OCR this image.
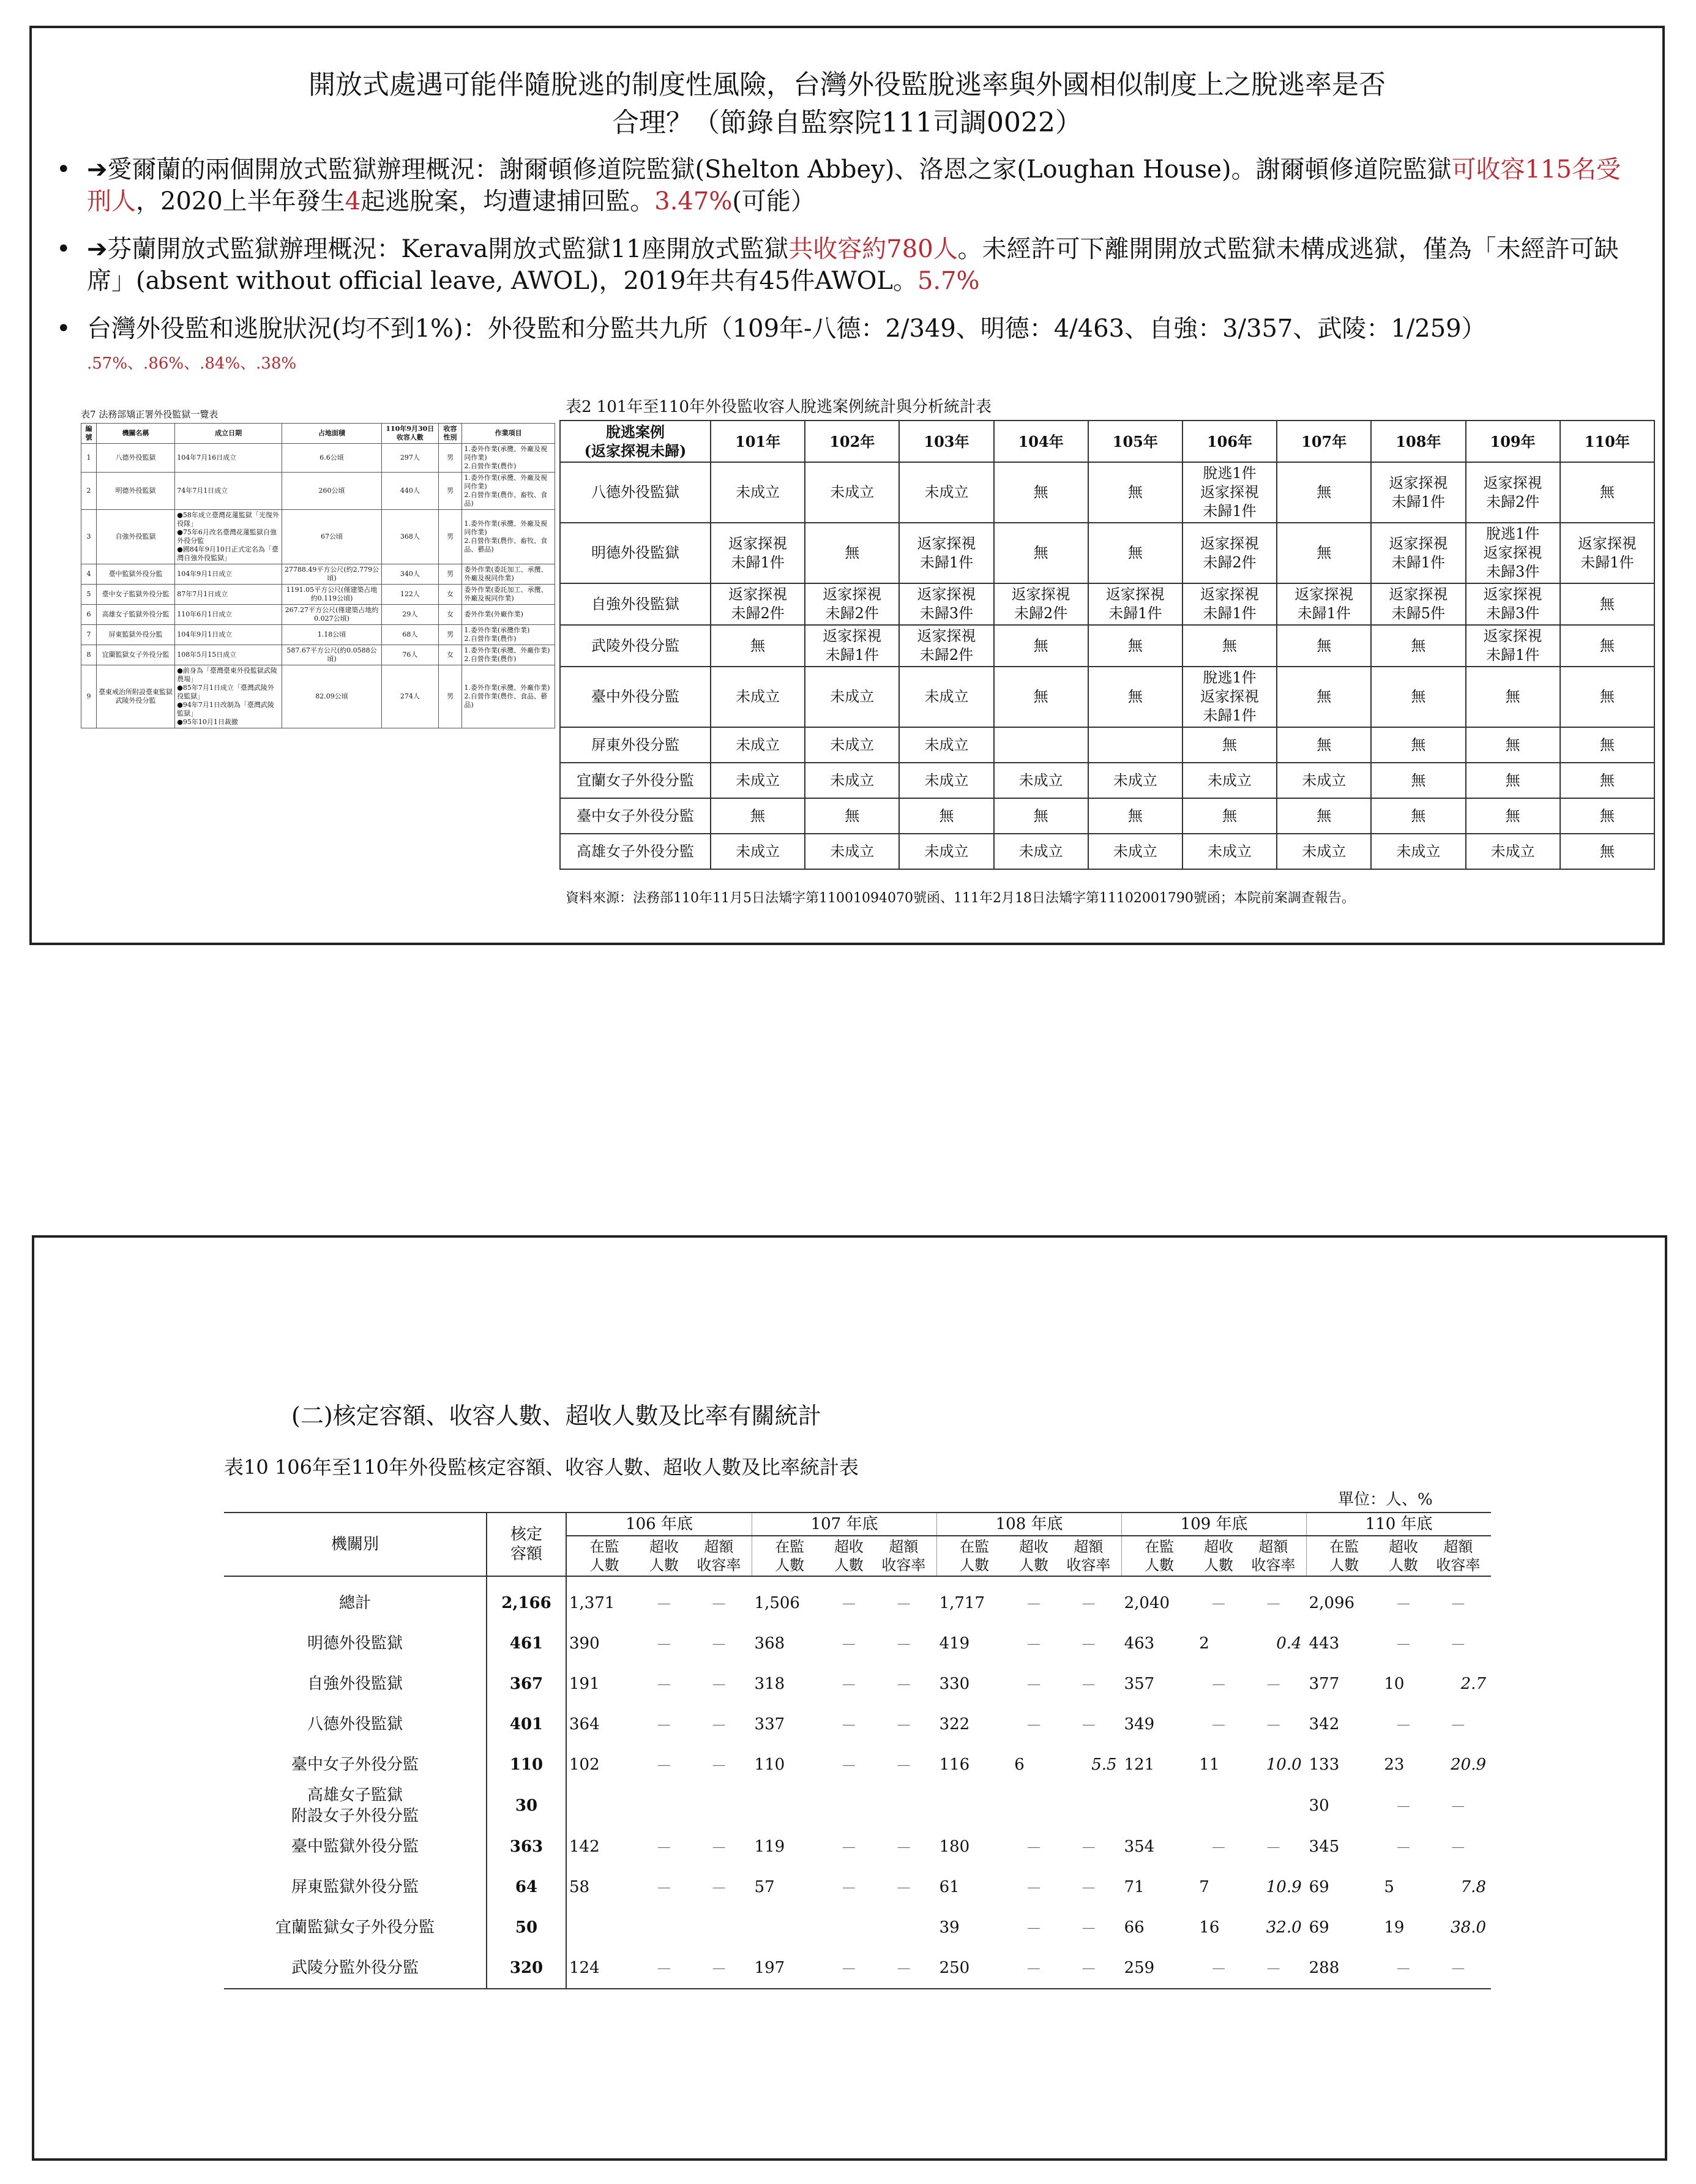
開放式處遇可能伴隨脫逃的制度性風險，台灣外役監脫逃率與外國相似制度上之脫逃率是否
合理？（節錄自監察院111司調0022）
• ➔愛爾蘭的兩個開放式監獄辦理概況：謝爾頓修道院監獄(Shelton Abbey)、洛恩之家(Loughan House)。謝爾頓修道院監獄可收容115名受刑人，2020上半年發生4起逃脫案，均遭逮捕回監。3.47%(可能）
• ➔芬蘭開放式監獄辦理概況：Kerava開放式監獄11座開放式監獄共收容約780人。未經許可下離開開放式監獄未構成逃獄，僅為「未經許可缺席」(absent without official leave, AWOL)，2019年共有45件AWOL。5.7%
• 台灣外役監和逃脫狀況(均不到1%)：外役監和分監共九所（109年-八德：2/349、明德：4/463、自強：3/357、武陵：1/259） .57%、.86%、.84%、.38%
表7 法務部矯正署外役監獄一覽表
編號	機關名稱	成立日期	占地面積	110年9月30日收容人數	收容性別	作業項目
1	八德外役監獄	104年7月16日成立	6.6公頃	297人	男	1.委外作業(承攬、外廠及視同作業)
2.自營作業(農作)
2	明德外役監獄	74年7月1日成立	260公頃	440人	男	1.委外作業(承攬、外廠及視同作業)
2.自營作業(農作、畜牧、食品)
3	自強外役監獄	●58年成立臺灣花蓮監獄「光復外役隊」
●75年6月改名臺灣花蓮監獄自強外役分監
●國84年9月10日正式定名為「臺灣自強外役監獄」	67公頃	368人	男	1.委外作業(承攬、外廠及視同作業)
2.自營作業(農作、畜牧、食品、藝品)
4	臺中監獄外役分監	104年9月1日成立	27788.49平方公尺(約2.779公頃)	340人	男	委外作業(委託加工、承攬、外廠及視同作業)
5	臺中女子監獄外役分監	87年7月1日成立	1191.05平方公尺(僅建築占地約0.119公頃)	122人	女	委外作業(委託加工、承攬、外廠及視同作業)
6	高雄女子監獄外役分監	110年6月1日成立	267.27平方公尺(僅建築占地約0.027公頃)	29人	女	委外作業(外廠作業)
7	屏東監獄外役分監	104年9月1日成立	1.18公頃	68人	男	1.委外作業(承攬作業)
2.自營作業(農作)
8	宜蘭監獄女子外役分監	108年5月15日成立	587.67平方公尺(約0.0588公頃)	76人	女	1.委外作業(承攬、外廠作業)
2.自營作業(農作)
9	臺東戒治所附設臺東監獄武陵外役分監	●前身為「臺灣臺東外役監獄武陵農場」
●85年7月1日成立「臺灣武陵外役監獄」
●94年7月1日改制為「臺灣武陵監獄」
●95年10月1日裁撤	82.09公頃	274人	男	1.委外作業(承攬、外廠作業)
2.自營作業(農作、食品、藝品)
表2 101年至110年外役監收容人脫逃案例統計與分析統計表
脫逃案例
(返家探視未歸)	101年	102年	103年	104年	105年	106年	107年	108年	109年	110年
八德外役監獄	未成立	未成立	未成立	無	無	脫逃1件
返家探視
未歸1件	無	返家探視
未歸1件	返家探視
未歸2件	無
明德外役監獄	返家探視
未歸1件	無	返家探視
未歸1件	無	無	返家探視
未歸2件	無	返家探視
未歸1件	脫逃1件
返家探視
未歸3件	返家探視
未歸1件
自強外役監獄	返家探視
未歸2件	返家探視
未歸2件	返家探視
未歸3件	返家探視
未歸2件	返家探視
未歸1件	返家探視
未歸1件	返家探視
未歸1件	返家探視
未歸5件	返家探視
未歸3件	無
武陵外役分監	無	返家探視
未歸1件	返家探視
未歸2件	無	無	無	無	無	返家探視
未歸1件	無
臺中外役分監	未成立	未成立	未成立	無	無	脫逃1件
返家探視
未歸1件	無	無	無	無
屏東外役分監	未成立	未成立	未成立			無	無	無	無	無
宜蘭女子外役分監	未成立	未成立	未成立	未成立	未成立	未成立	未成立	無	無	無
臺中女子外役分監	無	無	無	無	無	無	無	無	無	無
高雄女子外役分監	未成立	未成立	未成立	未成立	未成立	未成立	未成立	未成立	未成立	無
資料來源：法務部110年11月5日法矯字第11001094070號函、111年2月18日法矯字第11102001790號函；本院前案調查報告。
(二)核定容額、收容人數、超收人數及比率有關統計
表10 106年至110年外役監核定容額、收容人數、超收人數及比率統計表
單位：人、%
機關別	核定
容額	106 年底			107 年底			108 年底			109 年底			110 年底		
		在監
人數	超收
人數	超額
收容率	在監
人數	超收
人數	超額
收容率	在監
人數	超收
人數	超額
收容率	在監
人數	超收
人數	超額
收容率	在監
人數	超收
人數	超額
收容率
總計	2,166	1,371	－	－	1,506	－	－	1,717	－	－	2,040	－	－	2,096	－	－
明德外役監獄	461	390	－	－	368	－	－	419	－	－	463	2	0.4	443	－	－
自強外役監獄	367	191	－	－	318	－	－	330	－	－	357	－	－	377	10	2.7
八德外役監獄	401	364	－	－	337	－	－	322	－	－	349	－	－	342	－	－
臺中女子外役分監	110	102	－	－	110	－	－	116	6	5.5	121	11	10.0	133	23	20.9
高雄女子監獄
附設女子外役分監	30													30	－	－
臺中監獄外役分監	363	142	－	－	119	－	－	180	－	－	354	－	－	345	－	－
屏東監獄外役分監	64	58	－	－	57	－	－	61	－	－	71	7	10.9	69	5	7.8
宜蘭監獄女子外役分監	50							39	－	－	66	16	32.0	69	19	38.0
武陵分監外役分監	320	124	－	－	197	－	－	250	－	－	259	－	－	288	－	－
